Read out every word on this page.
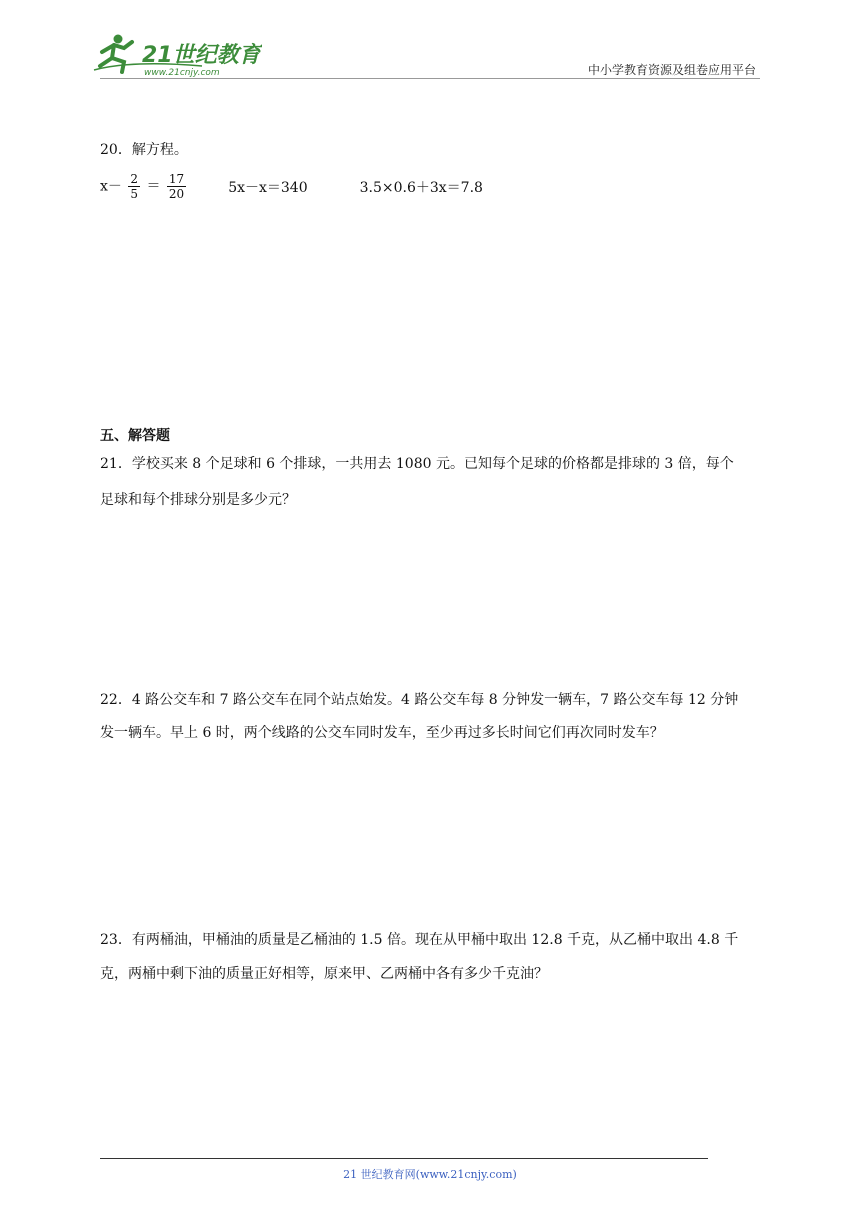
21世纪教育
www.21cnjy.com	中小学教育资源及组卷应用平台
20．解方程。
$x- \frac{2}{5} = \frac{17}{20}$	5x－x＝340	3.5×0.6＋3x＝7.8
五、解答题
21．学校买来 8 个足球和 6 个排球，一共用去 1080 元。已知每个足球的价格都是排球的 3 倍，每个
足球和每个排球分别是多少元？
22．4 路公交车和 7 路公交车在同个站点始发。4 路公交车每 8 分钟发一辆车，7 路公交车每 12 分钟
发一辆车。早上 6 时，两个线路的公交车同时发车，至少再过多长时间它们再次同时发车？
23．有两桶油，甲桶油的质量是乙桶油的 1.5 倍。现在从甲桶中取出 12.8 千克，从乙桶中取出 4.8 千
克，两桶中剩下油的质量正好相等，原来甲、乙两桶中各有多少千克油？
21 世纪教育网(www.21cnjy.com)
